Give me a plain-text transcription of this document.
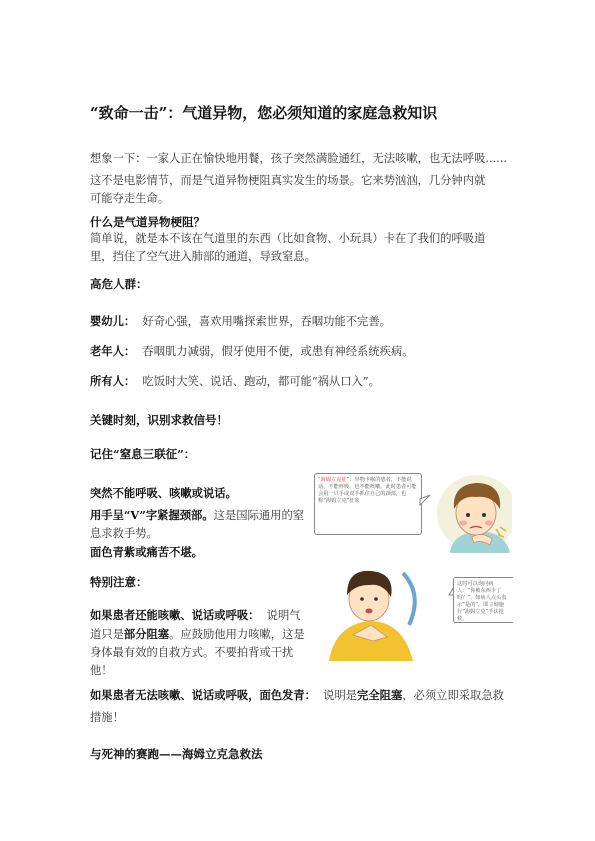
“致命一击”：气道异物，您必须知道的家庭急救知识
想象一下：一家人正在愉快地用餐，孩子突然满脸通红，无法咳嗽，也无法呼吸......
这不是电影情节，而是气道异物梗阻真实发生的场景。它来势汹汹，几分钟内就可能夺走生命。
什么是气道异物梗阻？
简单说，就是本不该在气道里的东西（比如食物、小玩具）卡在了我们的呼吸道里，挡住了空气进入肺部的通道，导致窒息。
高危人群：
婴幼儿： 好奇心强，喜欢用嘴探索世界，吞咽功能不完善。
老年人： 吞咽肌力减弱，假牙使用不便，或患有神经系统疾病。
所有人： 吃饭时大笑、说话、跑动，都可能“祸从口入”。
关键时刻，识别求救信号！
记住“窒息三联征”：
突然不能呼吸、咳嗽或说话。
用手呈“V”字紧握颈部。这是国际通用的窒息求救手势。
面色青紫或痛苦不堪。
特别注意：
如果患者还能咳嗽、说话或呼吸： 说明气道只是部分阻塞。应鼓励他用力咳嗽，这是身体最有效的自救方式。不要拍背或干扰他！
如果患者无法咳嗽、说话或呼吸，面色发青： 说明是完全阻塞，必须立即采取急救措施！
与死神的赛跑——海姆立克急救法
“海姆立克征”：异物卡喉的患者，不能说话，不能呼吸，也不能咳嗽。此时患者可能会用一只手或双手抓住自己的颈部，也称“海姆立克”征象
这时可以询问病人：“你被东西卡了吗？”，如病人点头表示“是的”，即立刻施行“海姆立克”手法抢救。
